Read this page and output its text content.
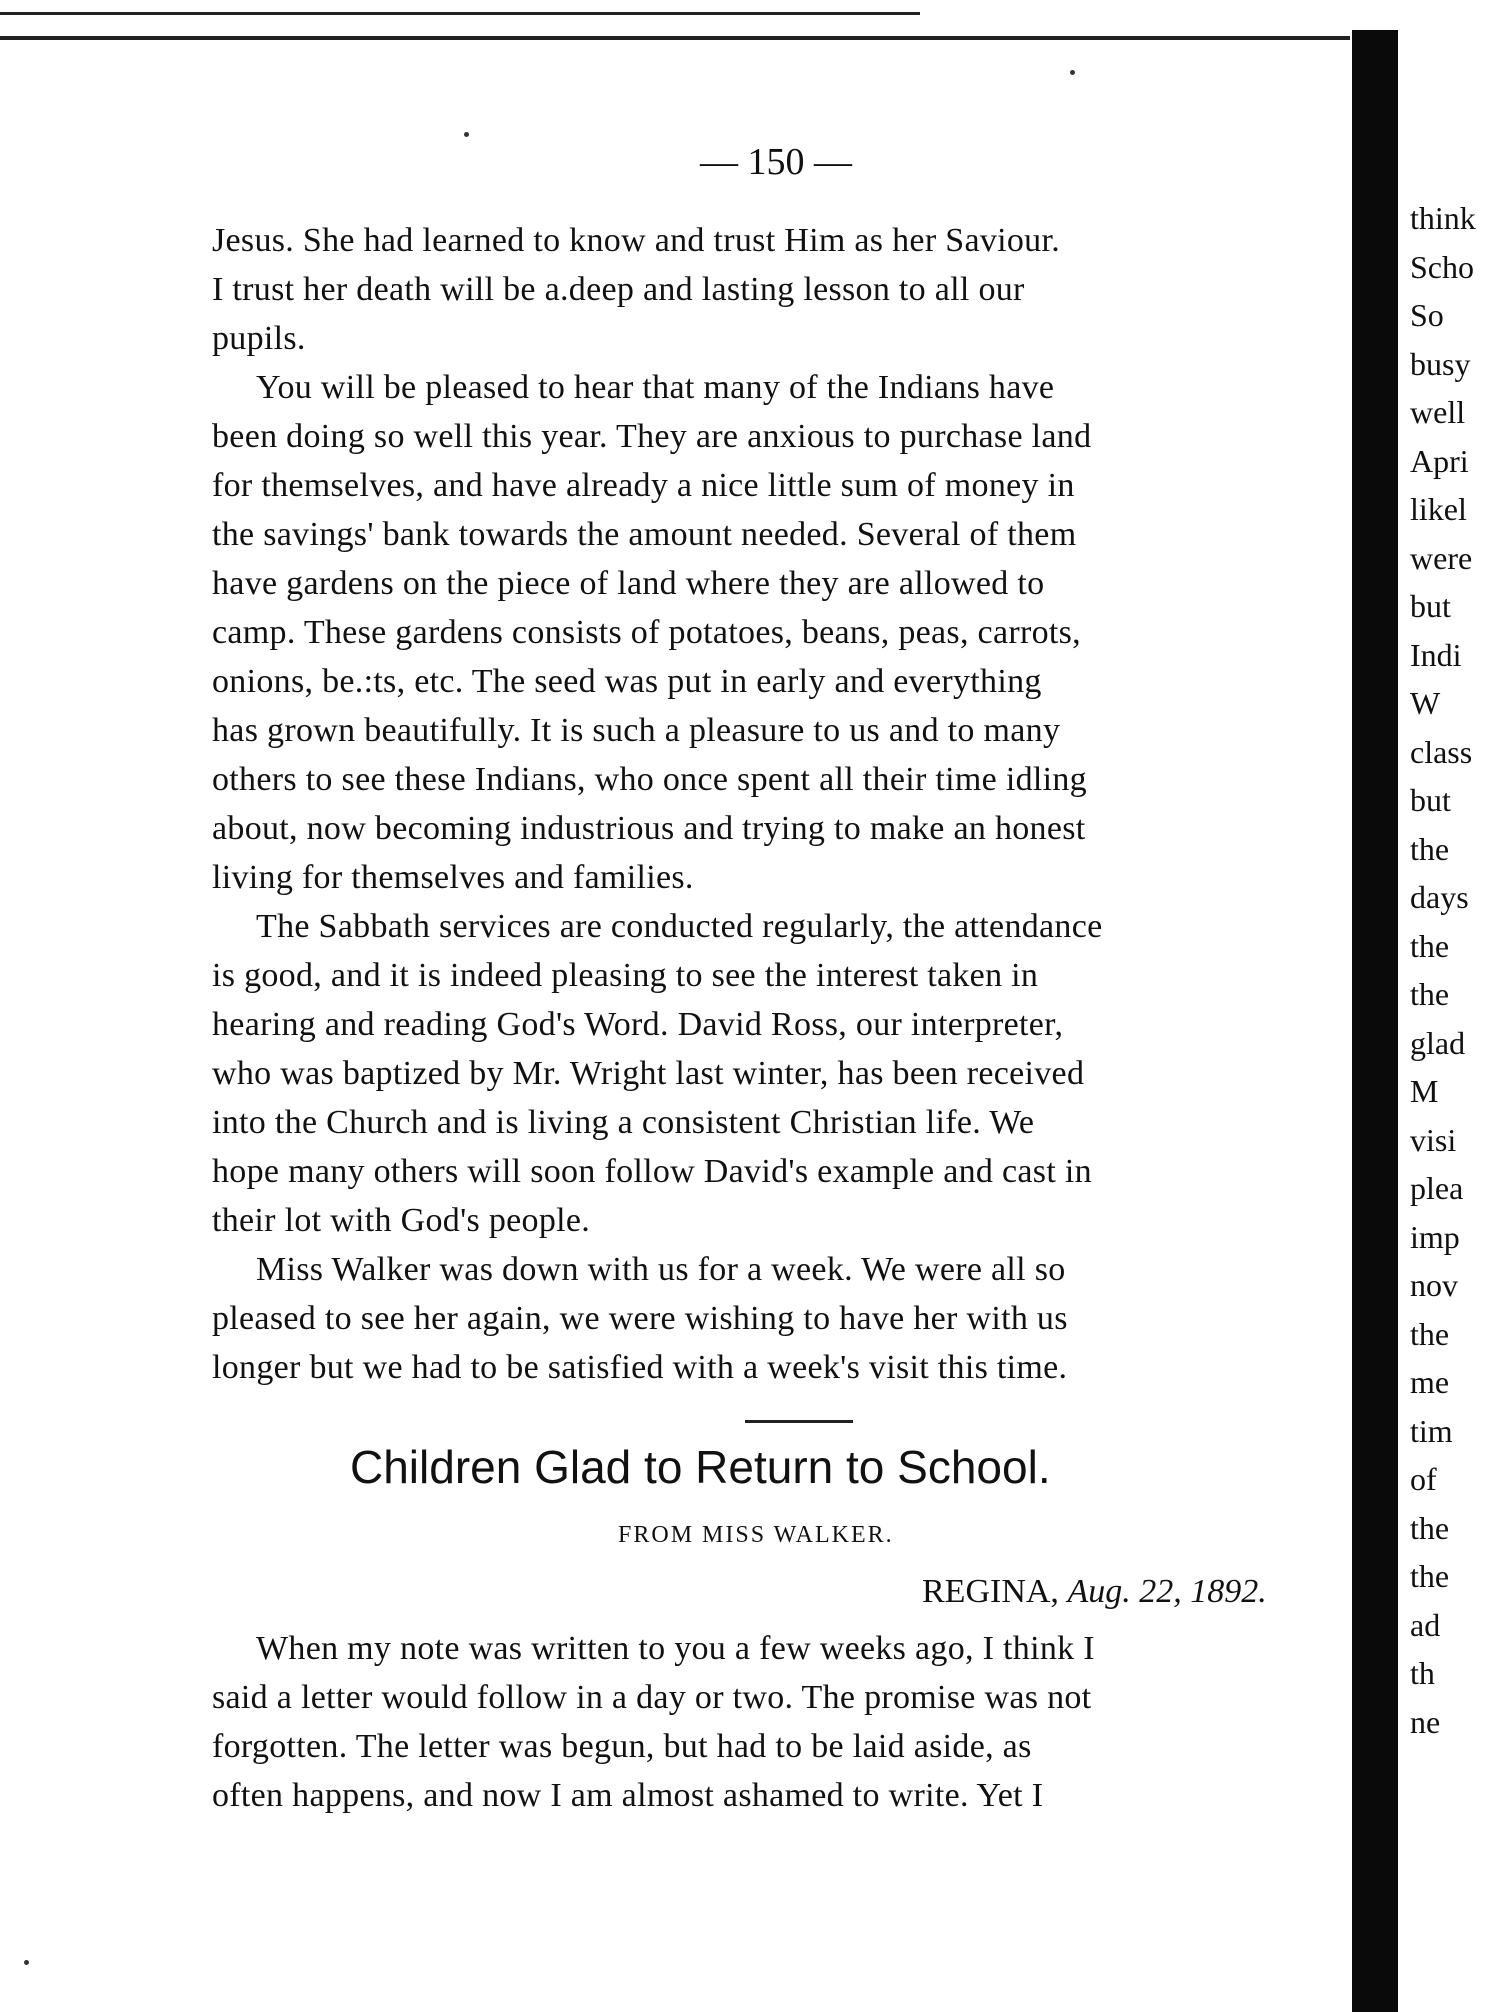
— 150 —
Jesus. She had learned to know and trust Him as her Saviour.
I trust her death will be a.deep and lasting lesson to all our
pupils.
You will be pleased to hear that many of the Indians have
been doing so well this year. They are anxious to purchase land
for themselves, and have already a nice little sum of money in
the savings' bank towards the amount needed. Several of them
have gardens on the piece of land where they are allowed to
camp. These gardens consists of potatoes, beans, peas, carrots,
onions, be.:ts, etc. The seed was put in early and everything
has grown beautifully. It is such a pleasure to us and to many
others to see these Indians, who once spent all their time idling
about, now becoming industrious and trying to make an honest
living for themselves and families.
The Sabbath services are conducted regularly, the attendance
is good, and it is indeed pleasing to see the interest taken in
hearing and reading God's Word. David Ross, our interpreter,
who was baptized by Mr. Wright last winter, has been received
into the Church and is living a consistent Christian life. We
hope many others will soon follow David's example and cast in
their lot with God's people.
Miss Walker was down with us for a week. We were all so
pleased to see her again, we were wishing to have her with us
longer but we had to be satisfied with a week's visit this time.
Children Glad to Return to School.
FROM MISS WALKER.
REGINA, Aug. 22, 1892.
When my note was written to you a few weeks ago, I think I
said a letter would follow in a day or two. The promise was not
forgotten. The letter was begun, but had to be laid aside, as
often happens, and now I am almost ashamed to write. Yet I
think
Scho
So
busy
well
Apri
likel
were
but
Indi
W
class
but
the
days
the
the
glad
M
visi
plea
imp
nov
the
me
tim
of
the
the
ad
th
ne
